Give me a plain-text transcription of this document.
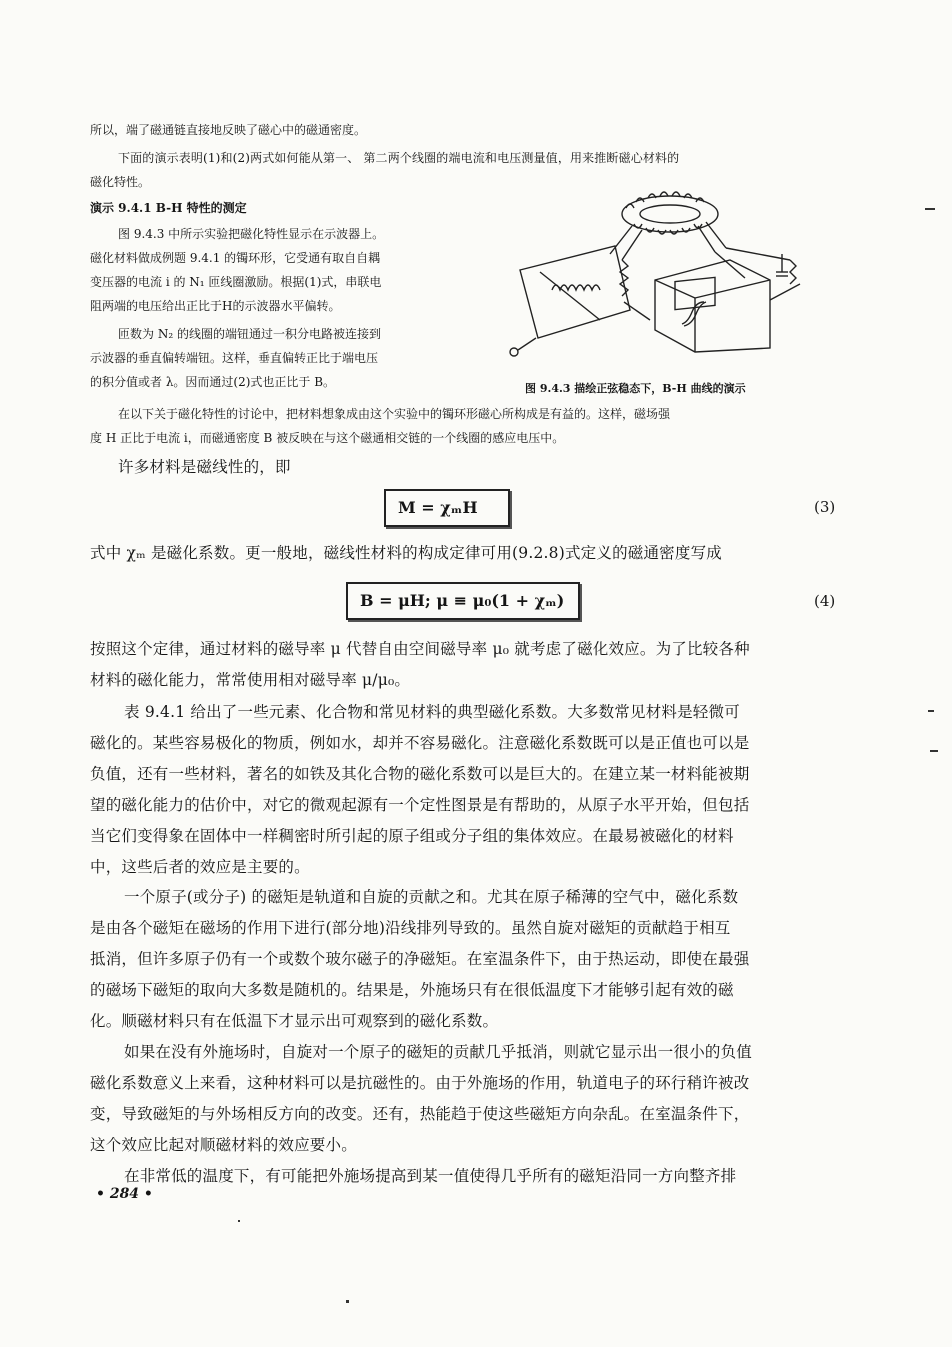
所以，端了磁通链直接地反映了磁心中的磁通密度。
下面的演示表明(1)和(2)两式如何能从第一、 第二两个线圈的端电流和电压测量值，用来推断磁心材料的
磁化特性。
演示 9.4.1 B-H 特性的测定
图 9.4.3 中所示实验把磁化特性显示在示波器上。
磁化材料做成例题 9.4.1 的镯环形，它受通有取自自耦
变压器的电流 i 的 N₁ 匝线圈激励。根据(1)式，串联电
阻两端的电压给出正比于H的示波器水平偏转。
匝数为 N₂ 的线圈的端钮通过一积分电路被连接到
示波器的垂直偏转端钮。这样，垂直偏转正比于端电压
的积分值或者 λ。因而通过(2)式也正比于 B。	图 9.4.3 描绘正弦稳态下，B-H 曲线的演示
在以下关于磁化特性的讨论中，把材料想象成由这个实验中的镯环形磁心所构成是有益的。这样，磁场强
度 H 正比于电流 i，而磁通密度 B 被反映在与这个磁通相交链的一个线圈的感应电压中。
许多材料是磁线性的，即
M = χₘH	(3)
式中 χₘ 是磁化系数。更一般地，磁线性材料的构成定律可用(9.2.8)式定义的磁通密度写成
B = μH; μ ≡ μ₀(1 + χₘ)	(4)
按照这个定律，通过材料的磁导率 μ 代替自由空间磁导率 μ₀ 就考虑了磁化效应。为了比较各种
材料的磁化能力，常常使用相对磁导率 μ/μ₀。
表 9.4.1 给出了一些元素、化合物和常见材料的典型磁化系数。大多数常见材料是轻微可
磁化的。某些容易极化的物质，例如水，却并不容易磁化。注意磁化系数既可以是正值也可以是
负值，还有一些材料，著名的如铁及其化合物的磁化系数可以是巨大的。在建立某一材料能被期
望的磁化能力的估价中，对它的微观起源有一个定性图景是有帮助的，从原子水平开始，但包括
当它们变得象在固体中一样稠密时所引起的原子组或分子组的集体效应。在最易被磁化的材料
中，这些后者的效应是主要的。
一个原子(或分子) 的磁矩是轨道和自旋的贡献之和。尤其在原子稀薄的空气中，磁化系数
是由各个磁矩在磁场的作用下进行(部分地)沿线排列导致的。虽然自旋对磁矩的贡献趋于相互
抵消，但许多原子仍有一个或数个玻尔磁子的净磁矩。在室温条件下，由于热运动，即使在最强
的磁场下磁矩的取向大多数是随机的。结果是，外施场只有在很低温度下才能够引起有效的磁
化。顺磁材料只有在低温下才显示出可观察到的磁化系数。
如果在没有外施场时，自旋对一个原子的磁矩的贡献几乎抵消，则就它显示出一很小的负值
磁化系数意义上来看，这种材料可以是抗磁性的。由于外施场的作用，轨道电子的环行稍许被改
变，导致磁矩的与外场相反方向的改变。还有，热能趋于使这些磁矩方向杂乱。在室温条件下，
这个效应比起对顺磁材料的效应要小。
在非常低的温度下，有可能把外施场提高到某一值使得几乎所有的磁矩沿同一方向整齐排
• 284 •
